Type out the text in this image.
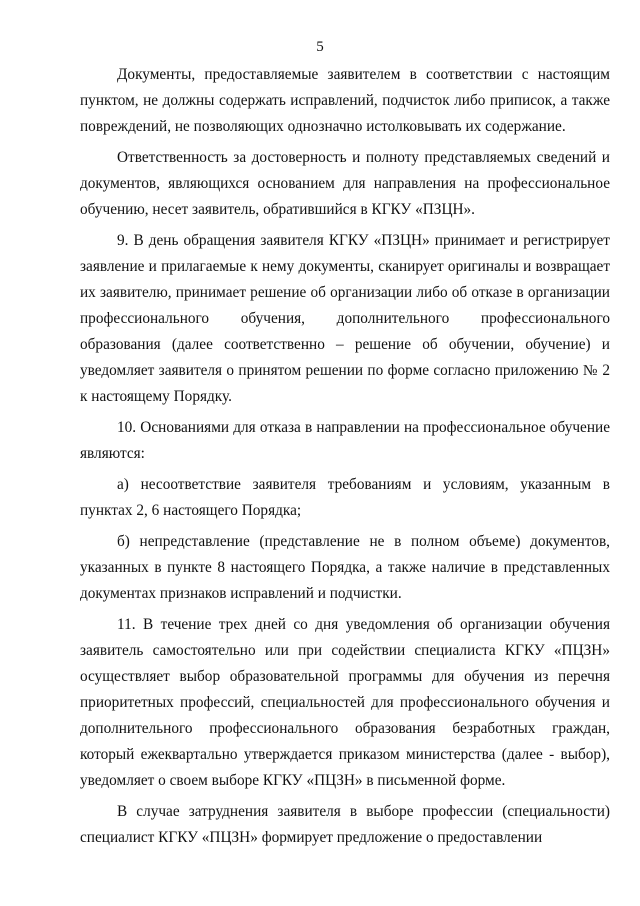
5

Документы, предоставляемые заявителем в соответствии с настоящим пунктом, не должны содержать исправлений, подчисток либо приписок, а также повреждений, не позволяющих однозначно истолковывать их содержание.

Ответственность за достоверность и полноту представляемых сведений и документов, являющихся основанием для направления на профессиональное обучению, несет заявитель, обратившийся в КГКУ «ПЗЦН».

9. В день обращения заявителя КГКУ «ПЗЦН» принимает и регистрирует заявление и прилагаемые к нему документы, сканирует оригиналы и возвращает их заявителю, принимает решение об организации либо об отказе в организации профессионального обучения, дополнительного профессионального образования (далее соответственно – решение об обучении, обучение) и уведомляет заявителя о принятом решении по форме согласно приложению № 2 к настоящему Порядку.

10. Основаниями для отказа в направлении на профессиональное обучение являются:

а) несоответствие заявителя требованиям и условиям, указанным в пунктах 2, 6 настоящего Порядка;

б) непредставление (представление не в полном объеме) документов, указанных в пункте 8 настоящего Порядка, а также наличие в представленных документах признаков исправлений и подчистки.

11. В течение трех дней со дня уведомления об организации обучения заявитель самостоятельно или при содействии специалиста КГКУ «ПЦЗН» осуществляет выбор образовательной программы для обучения из перечня приоритетных профессий, специальностей для профессионального обучения и дополнительного профессионального образования безработных граждан, который ежеквартально утверждается приказом министерства (далее - выбор), уведомляет о своем выборе КГКУ «ПЦЗН» в письменной форме.

В случае затруднения заявителя в выборе профессии (специальности) специалист КГКУ «ПЦЗН» формирует предложение о предоставлении
